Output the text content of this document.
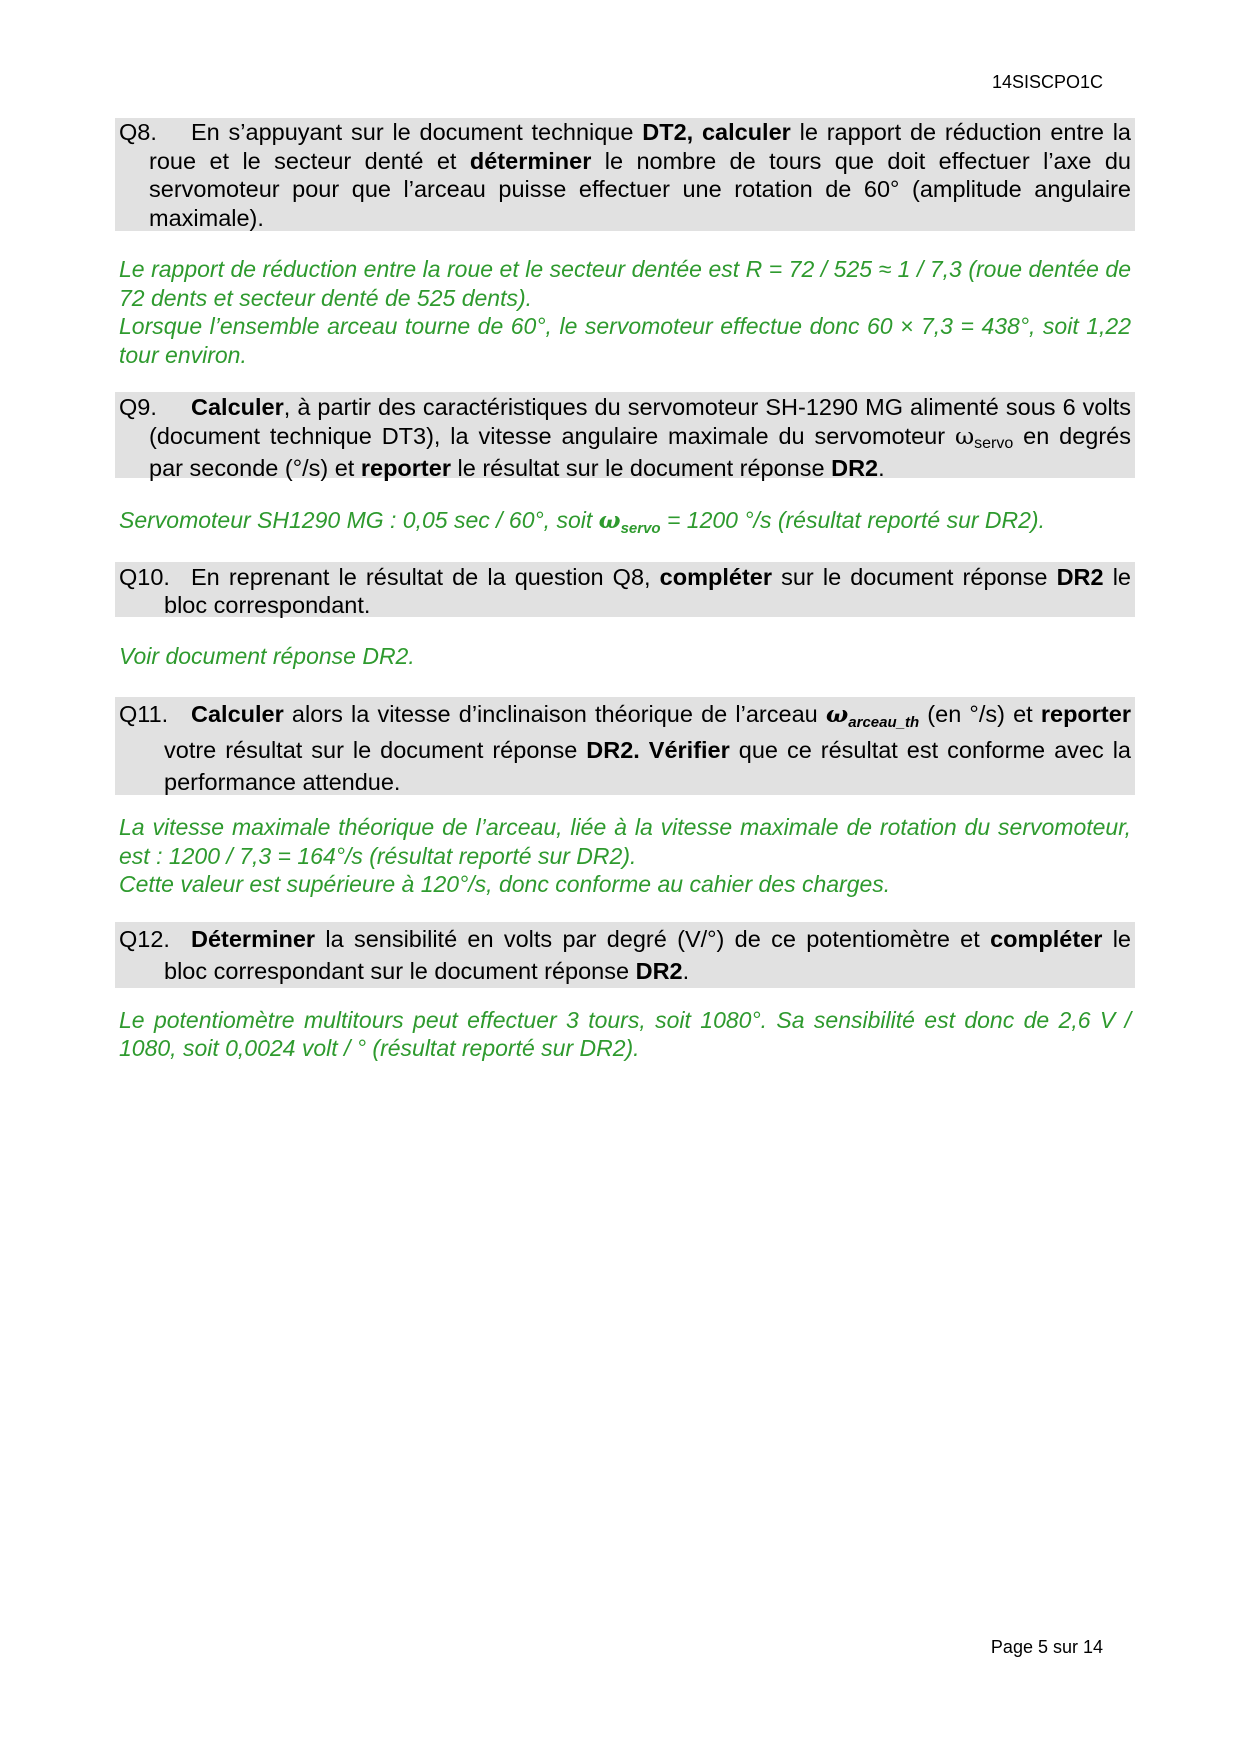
14SISCPO1C
Q8. En s’appuyant sur le document technique DT2, calculer le rapport de réduction entre la roue et le secteur denté et déterminer le nombre de tours que doit effectuer l’axe du servomoteur pour que l’arceau puisse effectuer une rotation de 60° (amplitude angulaire maximale).

Le rapport de réduction entre la roue et le secteur dentée est R = 72 / 525 ≈ 1 / 7,3 (roue dentée de 72 dents et secteur denté de 525 dents).

Lorsque l’ensemble arceau tourne de 60°, le servomoteur effectue donc 60 × 7,3 = 438°, soit 1,22 tour environ.

Q9. Calculer, à partir des caractéristiques du servomoteur SH-1290 MG alimenté sous 6 volts (document technique DT3), la vitesse angulaire maximale du servomoteur ωservo en degrés par seconde (°/s) et reporter le résultat sur le document réponse DR2.

Servomoteur SH1290 MG : 0,05 sec / 60°, soit $\omega_{servo} = 1200$ °/s (résultat reporté sur DR2).

Q10. En reprenant le résultat de la question Q8, compléter sur le document réponse DR2 le bloc correspondant.

Voir document réponse DR2.

Q11. Calculer alors la vitesse d’inclinaison théorique de l’arceau $\omega_{arceau\_th}$ (en °/s) et reporter votre résultat sur le document réponse DR2. Vérifier que ce résultat est conforme avec la performance attendue.

La vitesse maximale théorique de l’arceau, liée à la vitesse maximale de rotation du servomoteur, est : 1200 / 7,3 = 164°/s (résultat reporté sur DR2).

Cette valeur est supérieure à 120°/s, donc conforme au cahier des charges.

Q12. Déterminer la sensibilité en volts par degré (V/°) de ce potentiomètre et compléter le bloc correspondant sur le document réponse DR2.

Le potentiomètre multitours peut effectuer 3 tours, soit 1080°. Sa sensibilité est donc de 2,6 V / 1080, soit 0,0024 volt / ° (résultat reporté sur DR2).

Page 5 sur 14
